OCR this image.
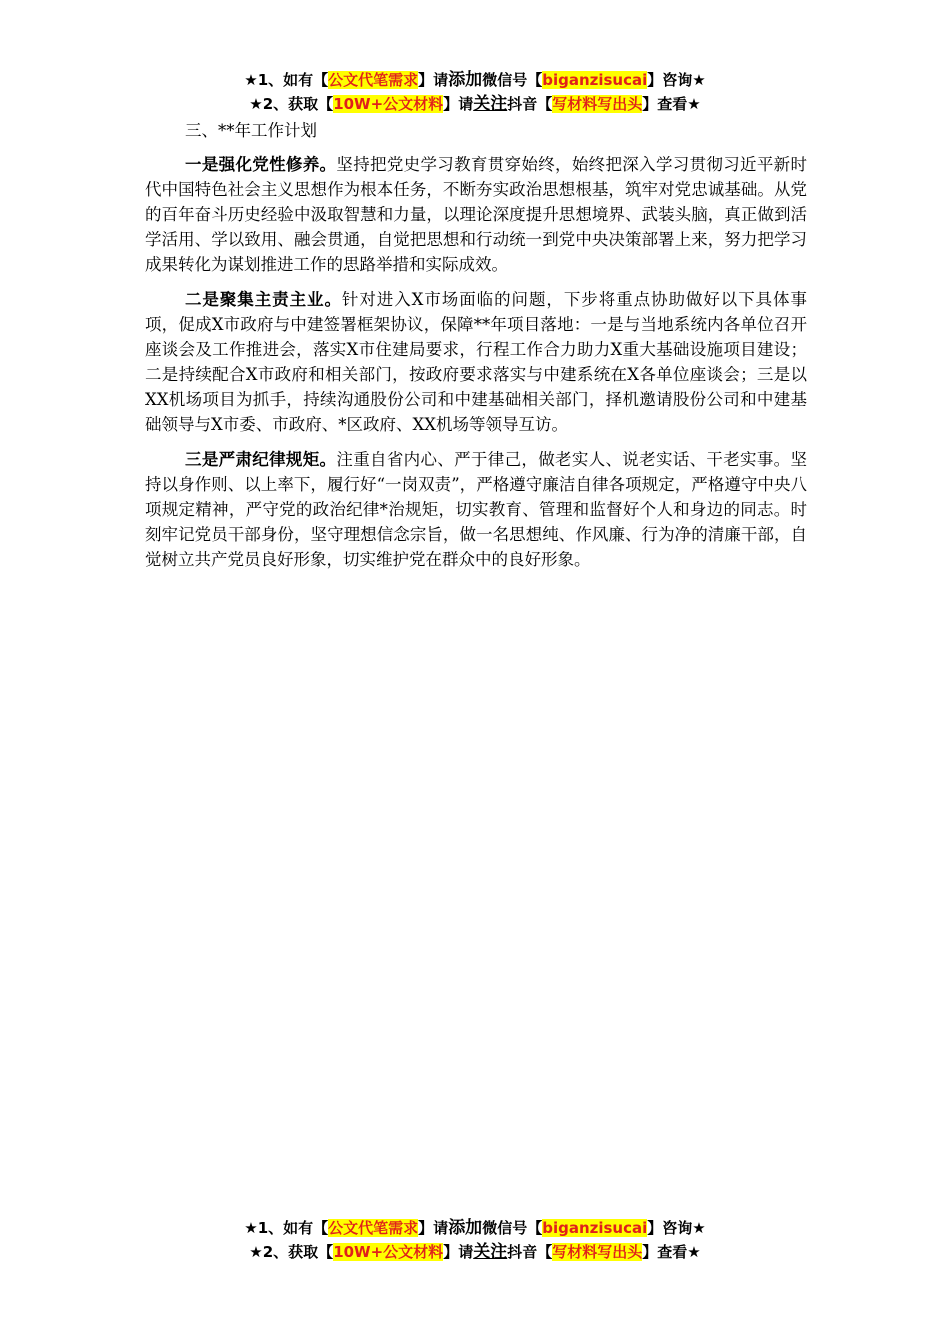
★1、如有【公文代笔需求】请添加微信号【biganzisucai】咨询★
★2、获取【10W+公文材料】请关注抖音【写材料写出头】查看★
三、**年工作计划

一是强化党性修养。坚持把党史学习教育贯穿始终，始终把深入学习贯彻习近平新时代中国特色社会主义思想作为根本任务，不断夯实政治思想根基，筑牢对党忠诚基础。从党的百年奋斗历史经验中汲取智慧和力量，以理论深度提升思想境界、武装头脑，真正做到活学活用、学以致用、融会贯通，自觉把思想和行动统一到党中央决策部署上来，努力把学习成果转化为谋划推进工作的思路举措和实际成效。

二是聚集主责主业。针对进入X市场面临的问题，下步将重点协助做好以下具体事项，促成X市政府与中建签署框架协议，保障**年项目落地：一是与当地系统内各单位召开座谈会及工作推进会，落实X市住建局要求，行程工作合力助力X重大基础设施项目建设；二是持续配合X市政府和相关部门，按政府要求落实与中建系统在X各单位座谈会；三是以XX机场项目为抓手，持续沟通股份公司和中建基础相关部门，择机邀请股份公司和中建基础领导与X市委、市政府、*区政府、XX机场等领导互访。

三是严肃纪律规矩。注重自省内心、严于律己，做老实人、说老实话、干老实事。坚持以身作则、以上率下，履行好“一岗双责”，严格遵守廉洁自律各项规定，严格遵守中央八项规定精神，严守党的政治纪律*治规矩，切实教育、管理和监督好个人和身边的同志。时刻牢记党员干部身份，坚守理想信念宗旨，做一名思想纯、作风廉、行为净的清廉干部，自觉树立共产党员良好形象，切实维护党在群众中的良好形象。

★1、如有【公文代笔需求】请添加微信号【biganzisucai】咨询★
★2、获取【10W+公文材料】请关注抖音【写材料写出头】查看★
